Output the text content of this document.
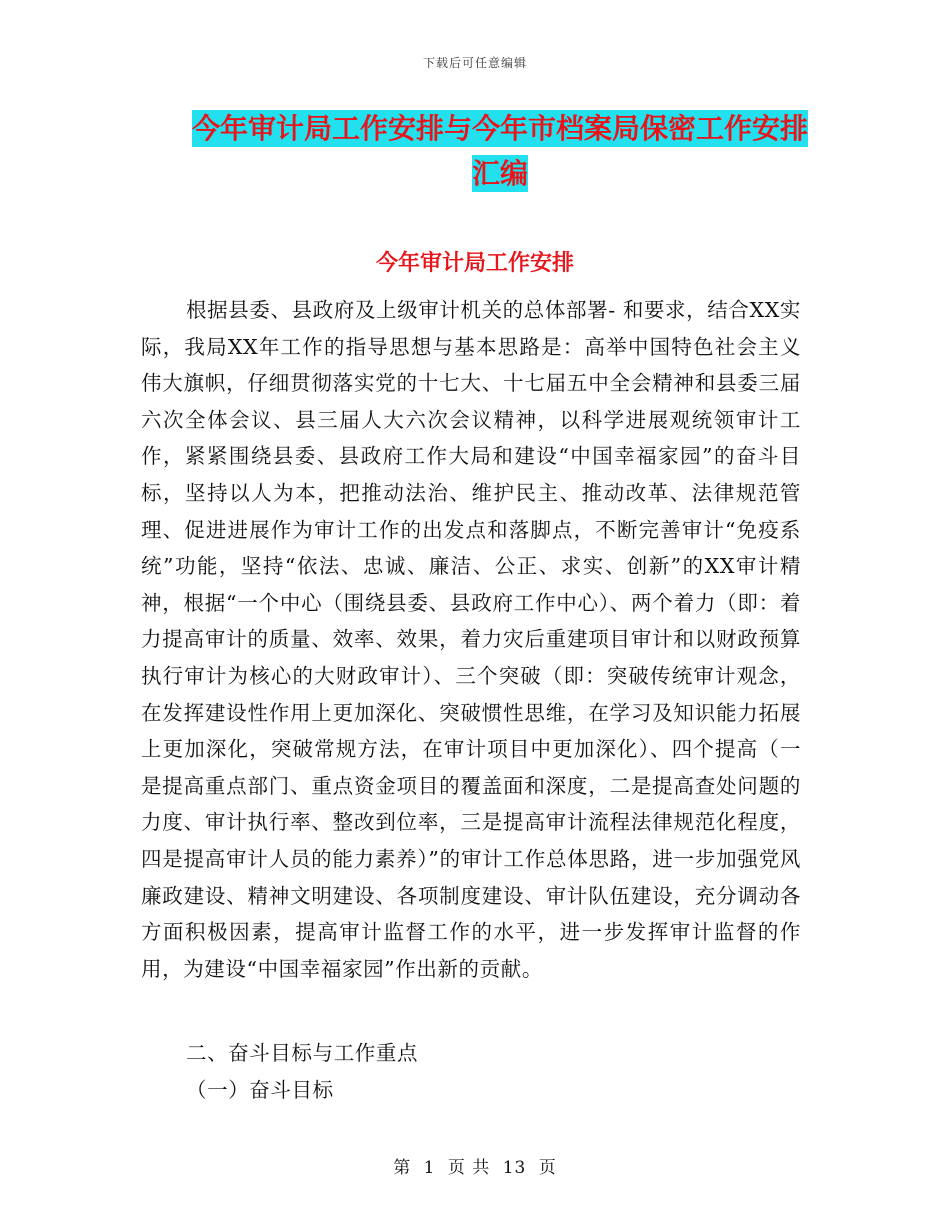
下载后可任意编辑
今年审计局工作安排与今年市档案局保密工作安排汇编
今年审计局工作安排

根据县委、县政府及上级审计机关的总体部署- 和要求，结合XX实际，我局XX年工作的指导思想与基本思路是：高举中国特色社会主义伟大旗帜，仔细贯彻落实党的十七大、十七届五中全会精神和县委三届六次全体会议、县三届人大六次会议精神，以科学进展观统领审计工作，紧紧围绕县委、县政府工作大局和建设“中国幸福家园”的奋斗目标，坚持以人为本，把推动法治、维护民主、推动改革、法律规范管理、促进进展作为审计工作的出发点和落脚点，不断完善审计“免疫系统”功能，坚持“依法、忠诚、廉洁、公正、求实、创新”的XX审计精神，根据“一个中心（围绕县委、县政府工作中心）、两个着力（即：着力提高审计的质量、效率、效果，着力灾后重建项目审计和以财政预算执行审计为核心的大财政审计）、三个突破（即：突破传统审计观念，在发挥建设性作用上更加深化、突破惯性思维，在学习及知识能力拓展上更加深化，突破常规方法，在审计项目中更加深化）、四个提高（一是提高重点部门、重点资金项目的覆盖面和深度，二是提高查处问题的力度、审计执行率、整改到位率，三是提高审计流程法律规范化程度，四是提高审计人员的能力素养）”的审计工作总体思路，进一步加强党风廉政建设、精神文明建设、各项制度建设、审计队伍建设，充分调动各方面积极因素，提高审计监督工作的水平，进一步发挥审计监督的作用，为建设“中国幸福家园”作出新的贡献。

二、奋斗目标与工作重点

（一）奋斗目标

第 1 页 共 13 页
